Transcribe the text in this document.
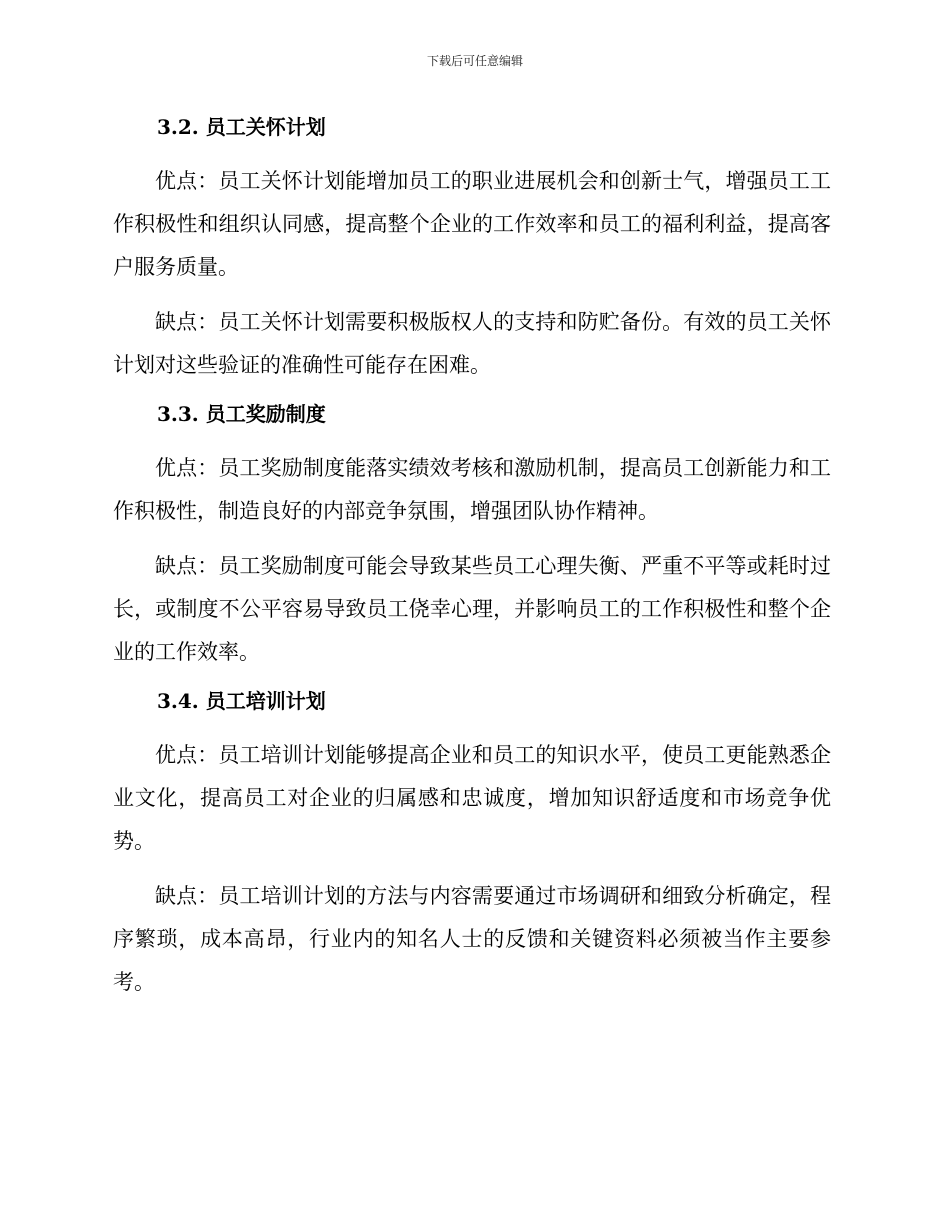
下载后可任意编辑
3.2. 员工关怀计划

优点：员工关怀计划能增加员工的职业进展机会和创新士气，增强员工工作积极性和组织认同感，提高整个企业的工作效率和员工的福利利益，提高客户服务质量。

缺点：员工关怀计划需要积极版权人的支持和防贮备份。有效的员工关怀计划对这些验证的准确性可能存在困难。

3.3. 员工奖励制度

优点：员工奖励制度能落实绩效考核和激励机制，提高员工创新能力和工作积极性，制造良好的内部竞争氛围，增强团队协作精神。

缺点：员工奖励制度可能会导致某些员工心理失衡、严重不平等或耗时过长，或制度不公平容易导致员工侥幸心理，并影响员工的工作积极性和整个企业的工作效率。

3.4. 员工培训计划

优点：员工培训计划能够提高企业和员工的知识水平，使员工更能熟悉企业文化，提高员工对企业的归属感和忠诚度，增加知识舒适度和市场竞争优势。

缺点：员工培训计划的方法与内容需要通过市场调研和细致分析确定，程序繁琐，成本高昂，行业内的知名人士的反馈和关键资料必须被当作主要参考。
